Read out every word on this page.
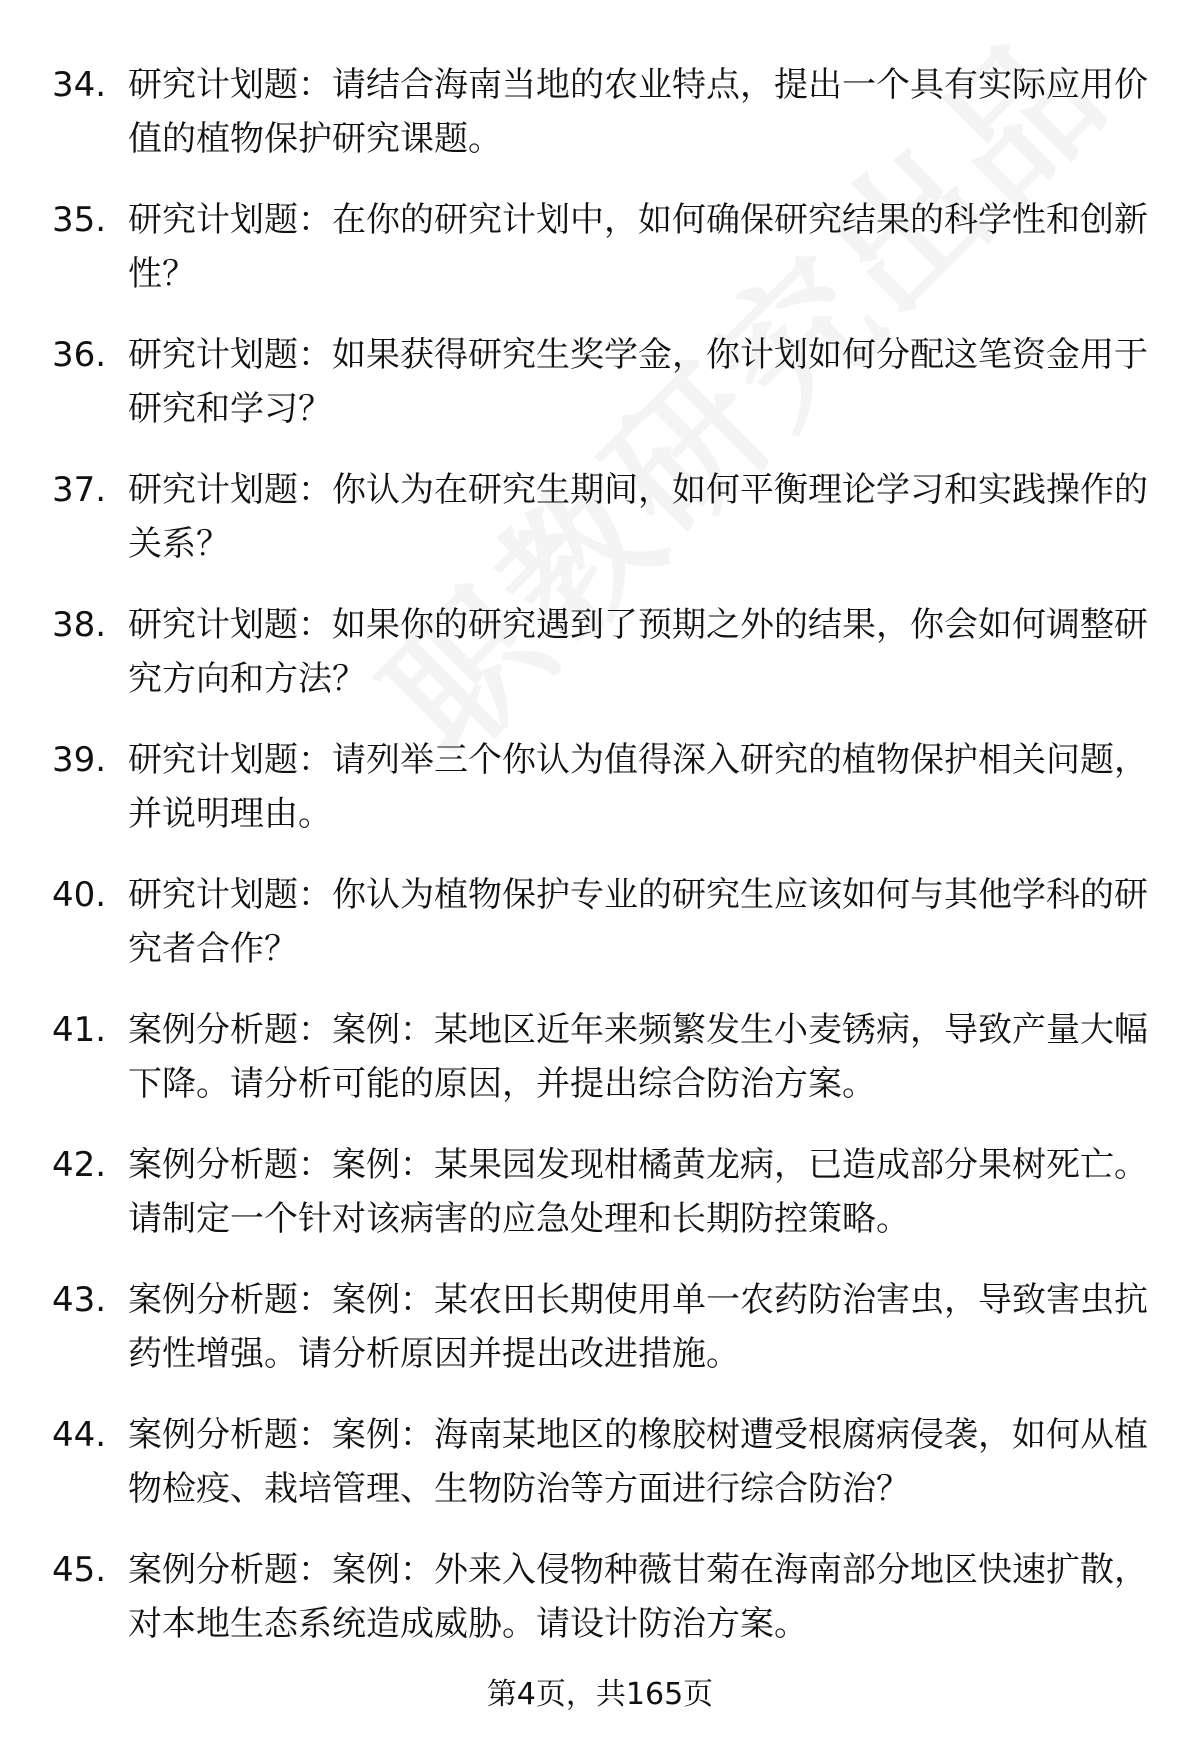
34. 研究计划题：请结合海南当地的农业特点，提出一个具有实际应用价值的植物保护研究课题。
35. 研究计划题：在你的研究计划中，如何确保研究结果的科学性和创新性？
36. 研究计划题：如果获得研究生奖学金，你计划如何分配这笔资金用于研究和学习？
37. 研究计划题：你认为在研究生期间，如何平衡理论学习和实践操作的关系？
38. 研究计划题：如果你的研究遇到了预期之外的结果，你会如何调整研究方向和方法？
39. 研究计划题：请列举三个你认为值得深入研究的植物保护相关问题，并说明理由。
40. 研究计划题：你认为植物保护专业的研究生应该如何与其他学科的研究者合作？
41. 案例分析题：案例：某地区近年来频繁发生小麦锈病，导致产量大幅下降。请分析可能的原因，并提出综合防治方案。
42. 案例分析题：案例：某果园发现柑橘黄龙病，已造成部分果树死亡。请制定一个针对该病害的应急处理和长期防控策略。
43. 案例分析题：案例：某农田长期使用单一农药防治害虫，导致害虫抗药性增强。请分析原因并提出改进措施。
44. 案例分析题：案例：海南某地区的橡胶树遭受根腐病侵袭，如何从植物检疫、栽培管理、生物防治等方面进行综合防治？
45. 案例分析题：案例：外来入侵物种薇甘菊在海南部分地区快速扩散，对本地生态系统造成威胁。请设计防治方案。
第4页，共165页
